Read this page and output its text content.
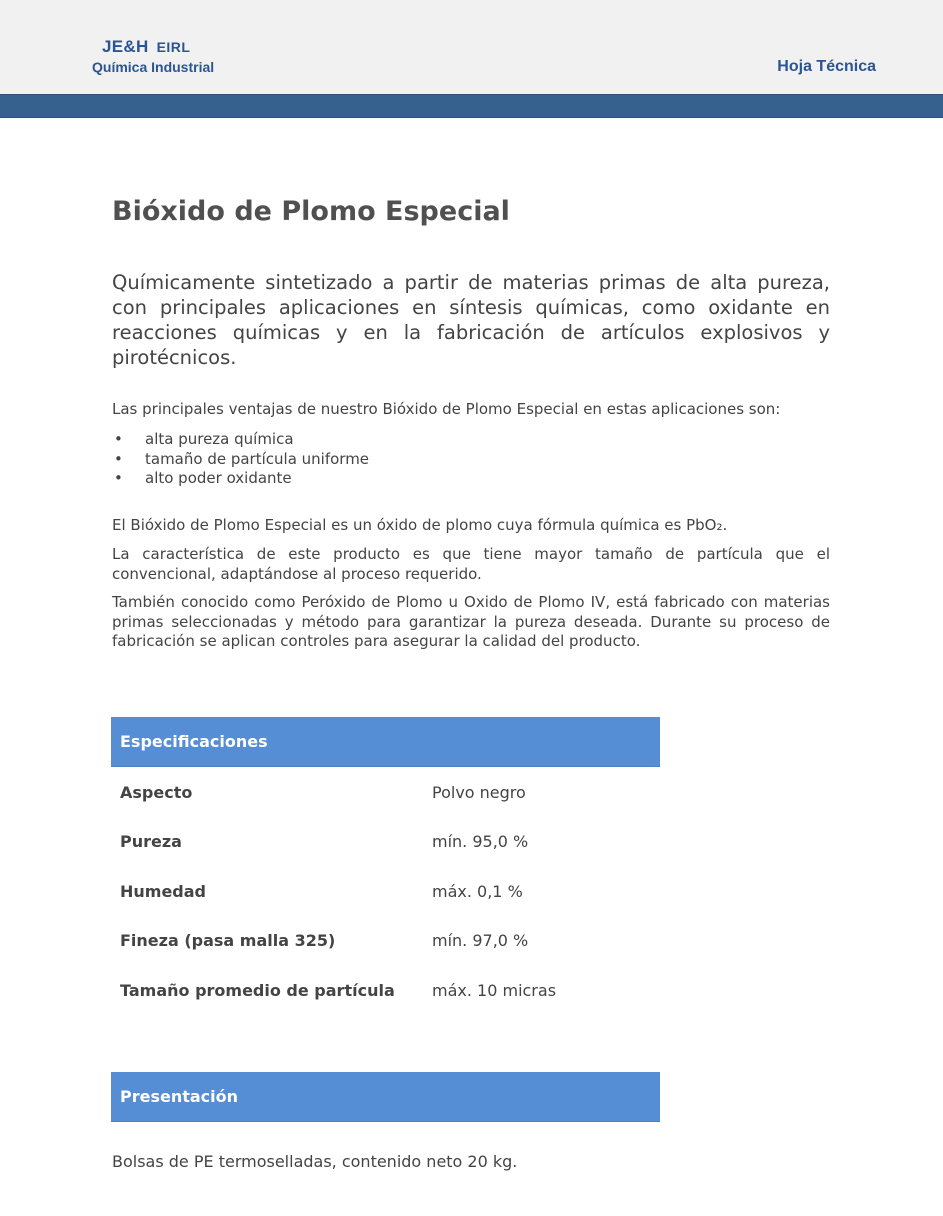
JE&H EIRL
Química Industrial	Hoja Técnica
Bióxido de Plomo Especial

Químicamente sintetizado a partir de materias primas de alta pureza, con principales aplicaciones en síntesis químicas, como oxidante en reacciones químicas y en la fabricación de artículos explosivos y pirotécnicos.

Las principales ventajas de nuestro Bióxido de Plomo Especial en estas aplicaciones son:

• alta pureza química
• tamaño de partícula uniforme
• alto poder oxidante

El Bióxido de Plomo Especial es un óxido de plomo cuya fórmula química es PbO₂.

La característica de este producto es que tiene mayor tamaño de partícula que el convencional, adaptándose al proceso requerido.

También conocido como Peróxido de Plomo u Oxido de Plomo IV, está fabricado con materias primas seleccionadas y método para garantizar la pureza deseada. Durante su proceso de fabricación se aplican controles para asegurar la calidad del producto.

Especificaciones
Aspecto	Polvo negro
Pureza	mín. 95,0 %
Humedad	máx. 0,1 %
Fineza (pasa malla 325)	mín. 97,0 %
Tamaño promedio de partícula máx. 10 micras
Presentación
Bolsas de PE termoselladas, contenido neto 20 kg.
